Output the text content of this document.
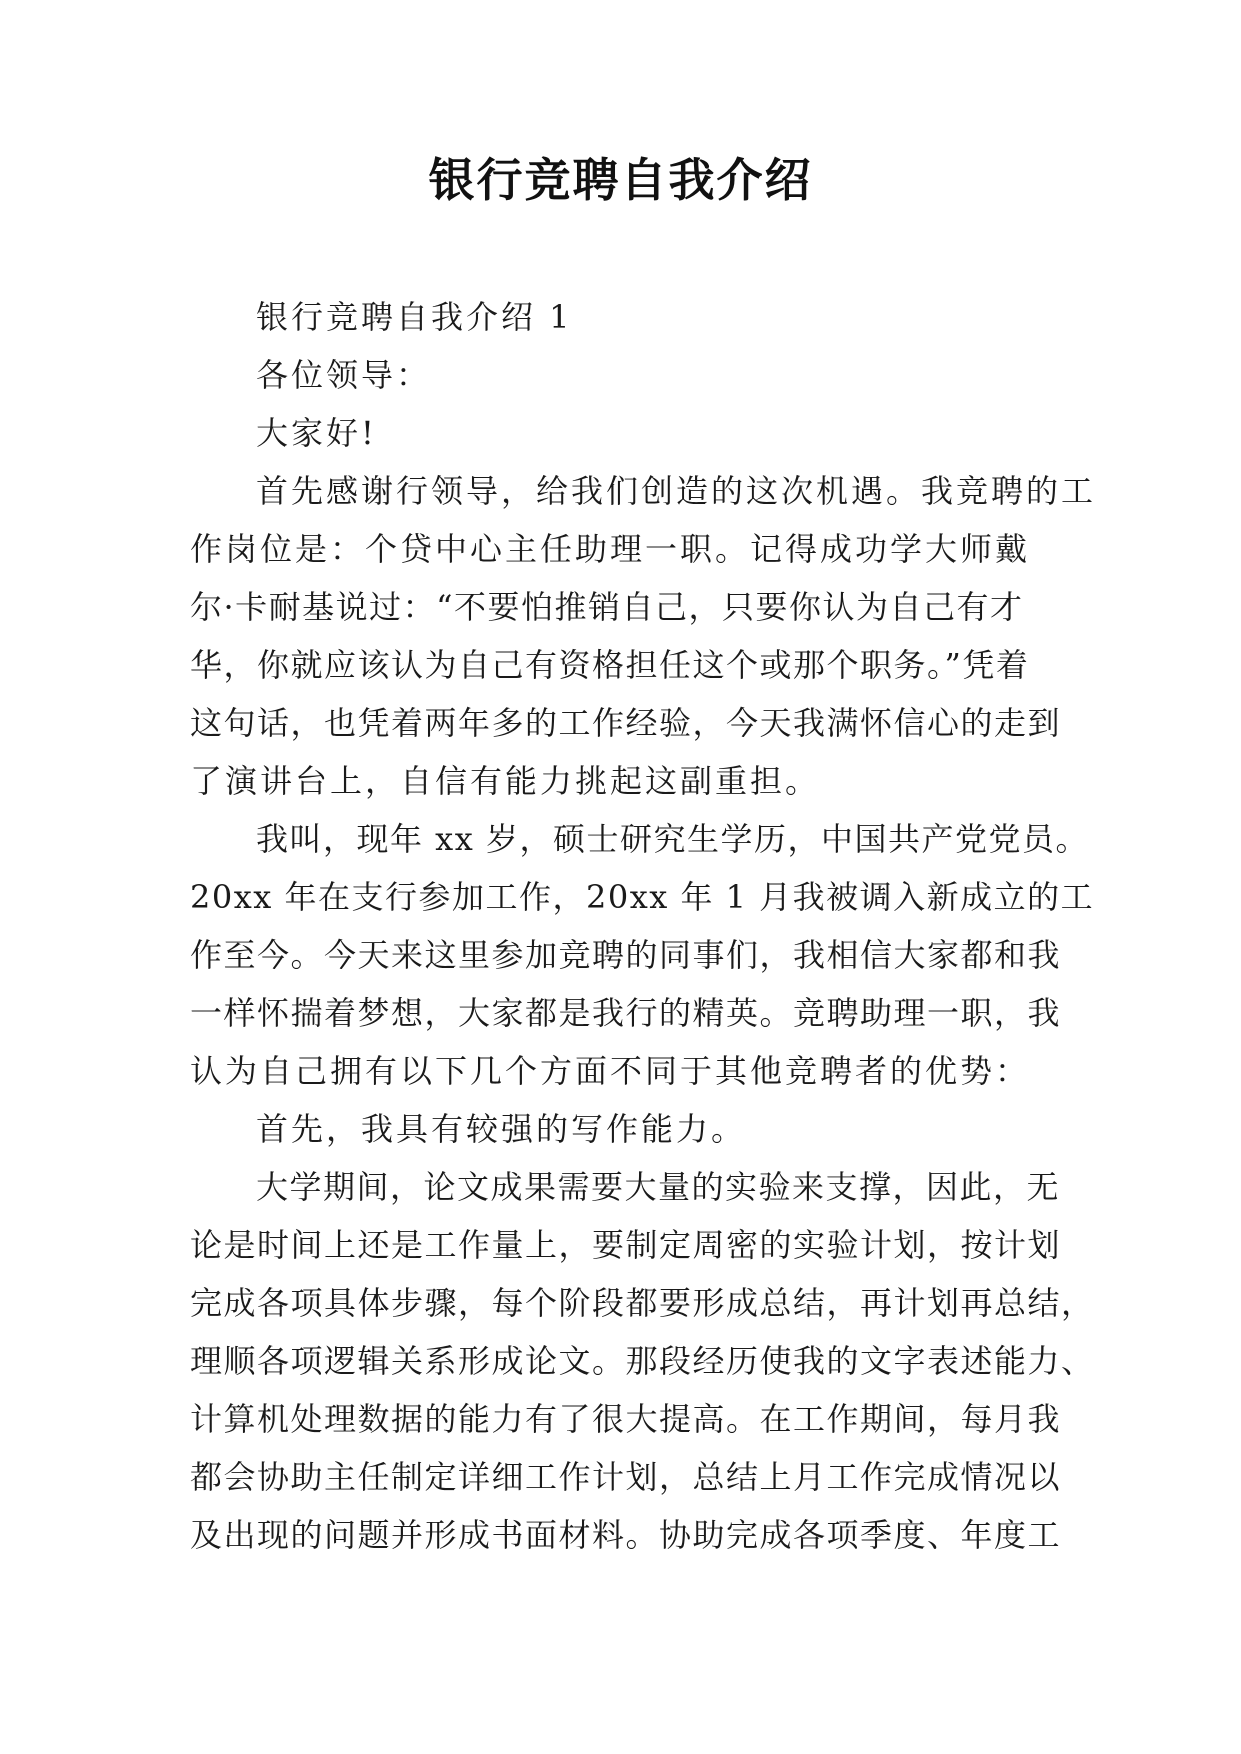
银行竞聘自我介绍
银行竞聘自我介绍 1
各位领导：
大家好!
首先感谢行领导，给我们创造的这次机遇。我竞聘的工
作岗位是：个贷中心主任助理一职。记得成功学大师戴
尔·卡耐基说过：“不要怕推销自己，只要你认为自己有才
华，你就应该认为自己有资格担任这个或那个职务。”凭着
这句话，也凭着两年多的工作经验，今天我满怀信心的走到
了演讲台上，自信有能力挑起这副重担。
我叫，现年 xx 岁，硕士研究生学历，中国共产党党员。
20xx 年在支行参加工作，20xx 年 1 月我被调入新成立的工
作至今。今天来这里参加竞聘的同事们，我相信大家都和我
一样怀揣着梦想，大家都是我行的精英。竞聘助理一职，我
认为自己拥有以下几个方面不同于其他竞聘者的优势：
首先，我具有较强的写作能力。
大学期间，论文成果需要大量的实验来支撑，因此，无
论是时间上还是工作量上，要制定周密的实验计划，按计划
完成各项具体步骤，每个阶段都要形成总结，再计划再总结，
理顺各项逻辑关系形成论文。那段经历使我的文字表述能力、
计算机处理数据的能力有了很大提高。在工作期间，每月我
都会协助主任制定详细工作计划，总结上月工作完成情况以
及出现的问题并形成书面材料。协助完成各项季度、年度工
